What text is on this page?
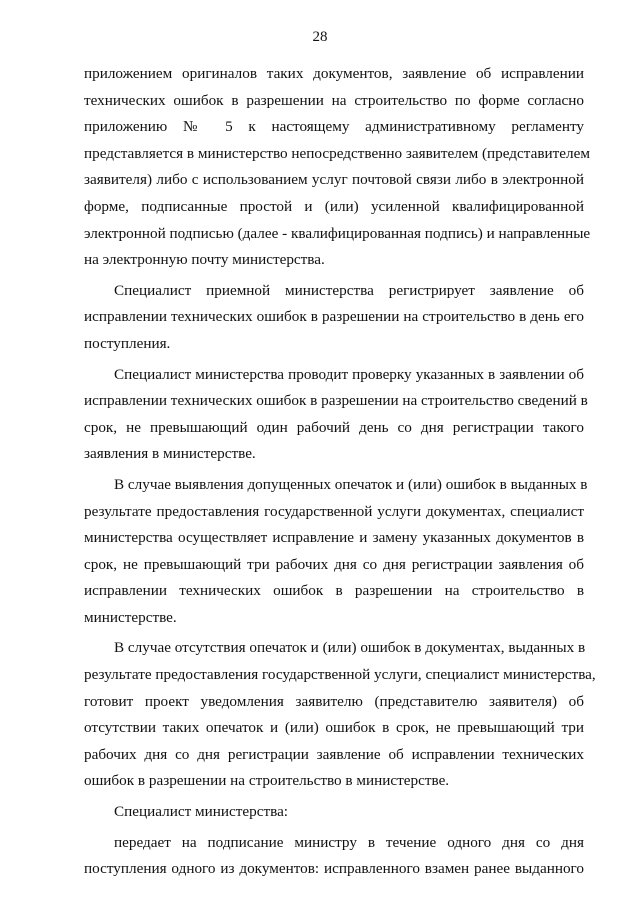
28
приложением оригиналов таких документов, заявление об исправлении
технических ошибок в разрешении на строительство по форме согласно
приложению № 5 к настоящему административному регламенту
представляется в министерство непосредственно заявителем (представителем
заявителя) либо с использованием услуг почтовой связи либо в электронной
форме, подписанные простой и (или) усиленной квалифицированной
электронной подписью (далее - квалифицированная подпись) и направленные
на электронную почту министерства.
Специалист приемной министерства регистрирует заявление об
исправлении технических ошибок в разрешении на строительство в день его
поступления.
Специалист министерства проводит проверку указанных в заявлении об
исправлении технических ошибок в разрешении на строительство сведений в
срок, не превышающий один рабочий день со дня регистрации такого
заявления в министерстве.
В случае выявления допущенных опечаток и (или) ошибок в выданных в
результате предоставления государственной услуги документах, специалист
министерства осуществляет исправление и замену указанных документов в
срок, не превышающий три рабочих дня со дня регистрации заявления об
исправлении технических ошибок в разрешении на строительство в
министерстве.
В случае отсутствия опечаток и (или) ошибок в документах, выданных в
результате предоставления государственной услуги, специалист министерства,
готовит проект уведомления заявителю (представителю заявителя) об
отсутствии таких опечаток и (или) ошибок в срок, не превышающий три
рабочих дня со дня регистрации заявление об исправлении технических
ошибок в разрешении на строительство в министерстве.
Специалист министерства:
передает на подписание министру в течение одного дня со дня
поступления одного из документов: исправленного взамен ранее выданного
